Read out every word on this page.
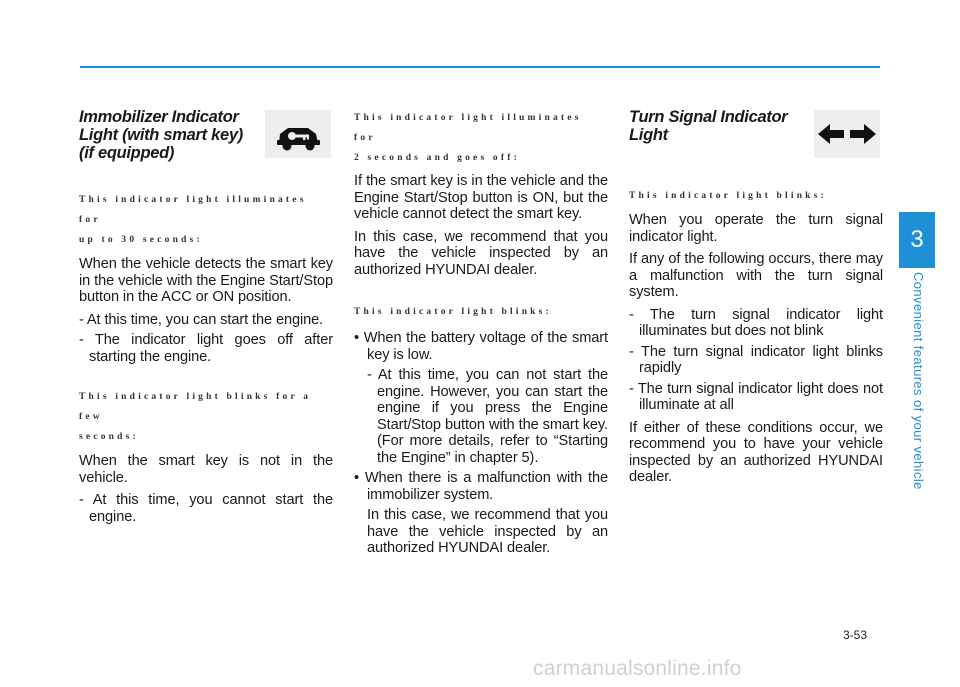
Immobilizer Indicator
Light (with smart key)
(if equipped)
This indicator light illuminates for
up to 30 seconds:

When the vehicle detects the smart key in the vehicle with the Engine Start/Stop button in the ACC or ON position.

- At this time, you can start the engine.

- The indicator light goes off after starting the engine.

This indicator light blinks for a few
seconds:

When the smart key is not in the vehicle.

- At this time, you cannot start the engine.

This indicator light illuminates for
2 seconds and goes off:

If the smart key is in the vehicle and the Engine Start/Stop button is ON, but the vehicle cannot detect the smart key.

In this case, we recommend that you have the vehicle inspected by an authorized HYUNDAI dealer.

This indicator light blinks:

• When the battery voltage of the smart key is low.

- At this time, you can not start the engine. However, you can start the engine if you press the Engine Start/Stop button with the smart key. (For more details, refer to “Starting the Engine” in chapter 5).

• When there is a malfunction with the immobilizer system.

In this case, we recommend that you have the vehicle inspected by an authorized HYUNDAI dealer.

Turn Signal Indicator
Light
This indicator light blinks:

When you operate the turn signal indicator light.

If any of the following occurs, there may a malfunction with the turn signal system.

- The turn signal indicator light illuminates but does not blink

- The turn signal indicator light blinks rapidly

- The turn signal indicator light does not illuminate at all

If either of these conditions occur, we recommend you to have your vehicle inspected by an authorized HYUNDAI dealer.

3
Convenient features of your vehicle
3-53
carmanualsonline.info
